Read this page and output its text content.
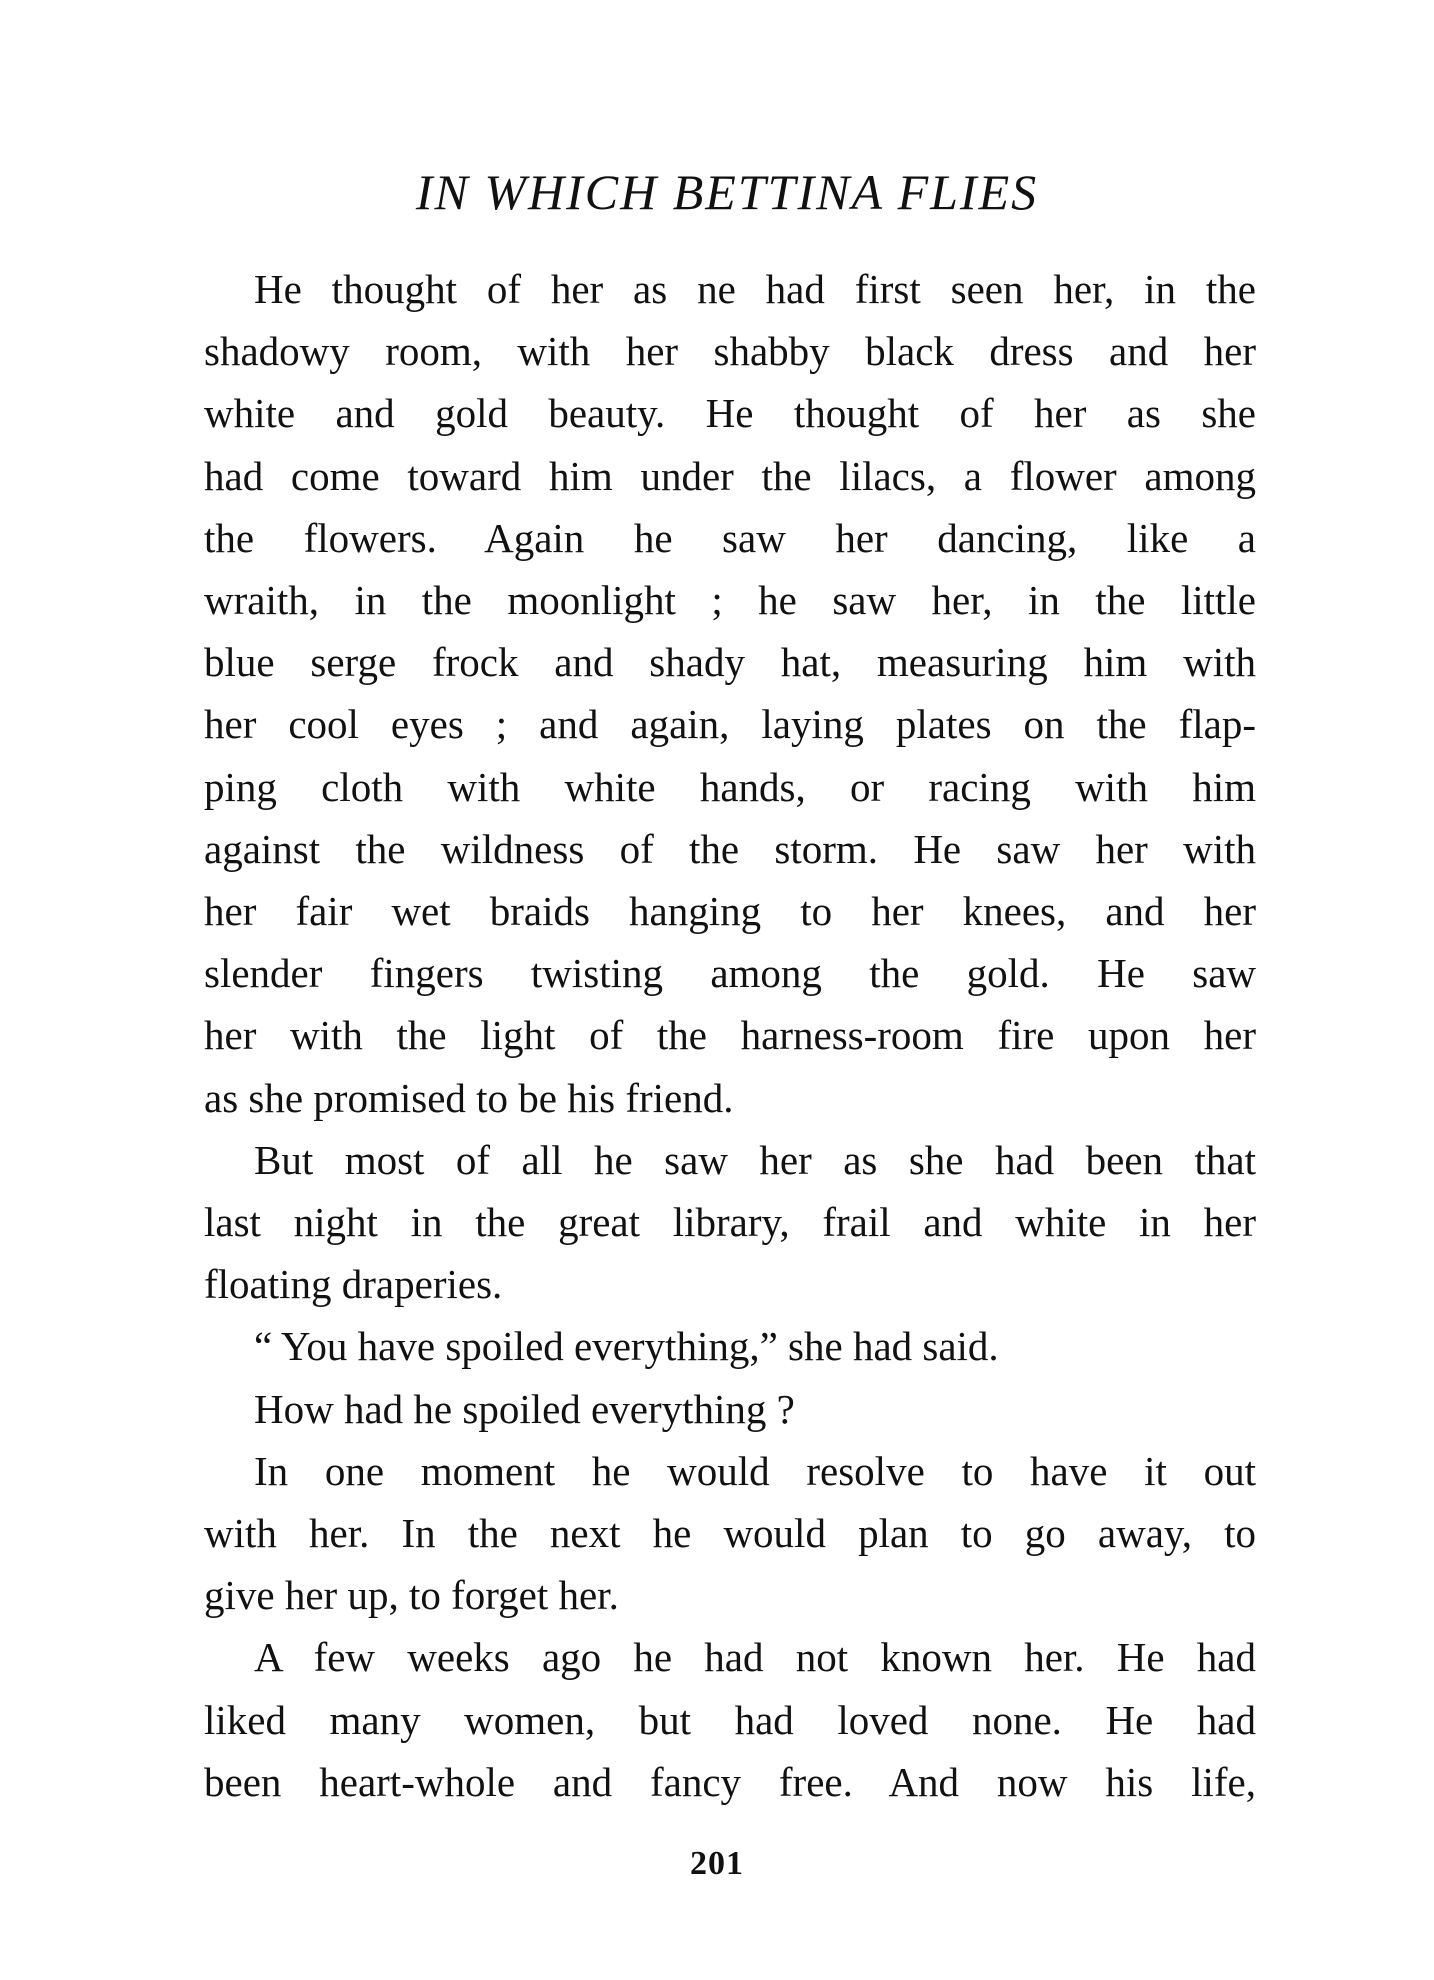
IN WHICH BETTINA FLIES
He thought of her as ne had first seen her, in the
shadowy room, with her shabby black dress and her
white and gold beauty. He thought of her as she
had come toward him under the lilacs, a flower among
the flowers. Again he saw her dancing, like a
wraith, in the moonlight ; he saw her, in the little
blue serge frock and shady hat, measuring him with
her cool eyes ; and again, laying plates on the flap-
ping cloth with white hands, or racing with him
against the wildness of the storm. He saw her with
her fair wet braids hanging to her knees, and her
slender fingers twisting among the gold. He saw
her with the light of the harness-room fire upon her
as she promised to be his friend.
But most of all he saw her as she had been that
last night in the great library, frail and white in her
floating draperies.
“ You have spoiled everything,” she had said.
How had he spoiled everything ?
In one moment he would resolve to have it out
with her. In the next he would plan to go away, to
give her up, to forget her.
A few weeks ago he had not known her. He had
liked many women, but had loved none. He had
been heart-whole and fancy free. And now his life,
201
